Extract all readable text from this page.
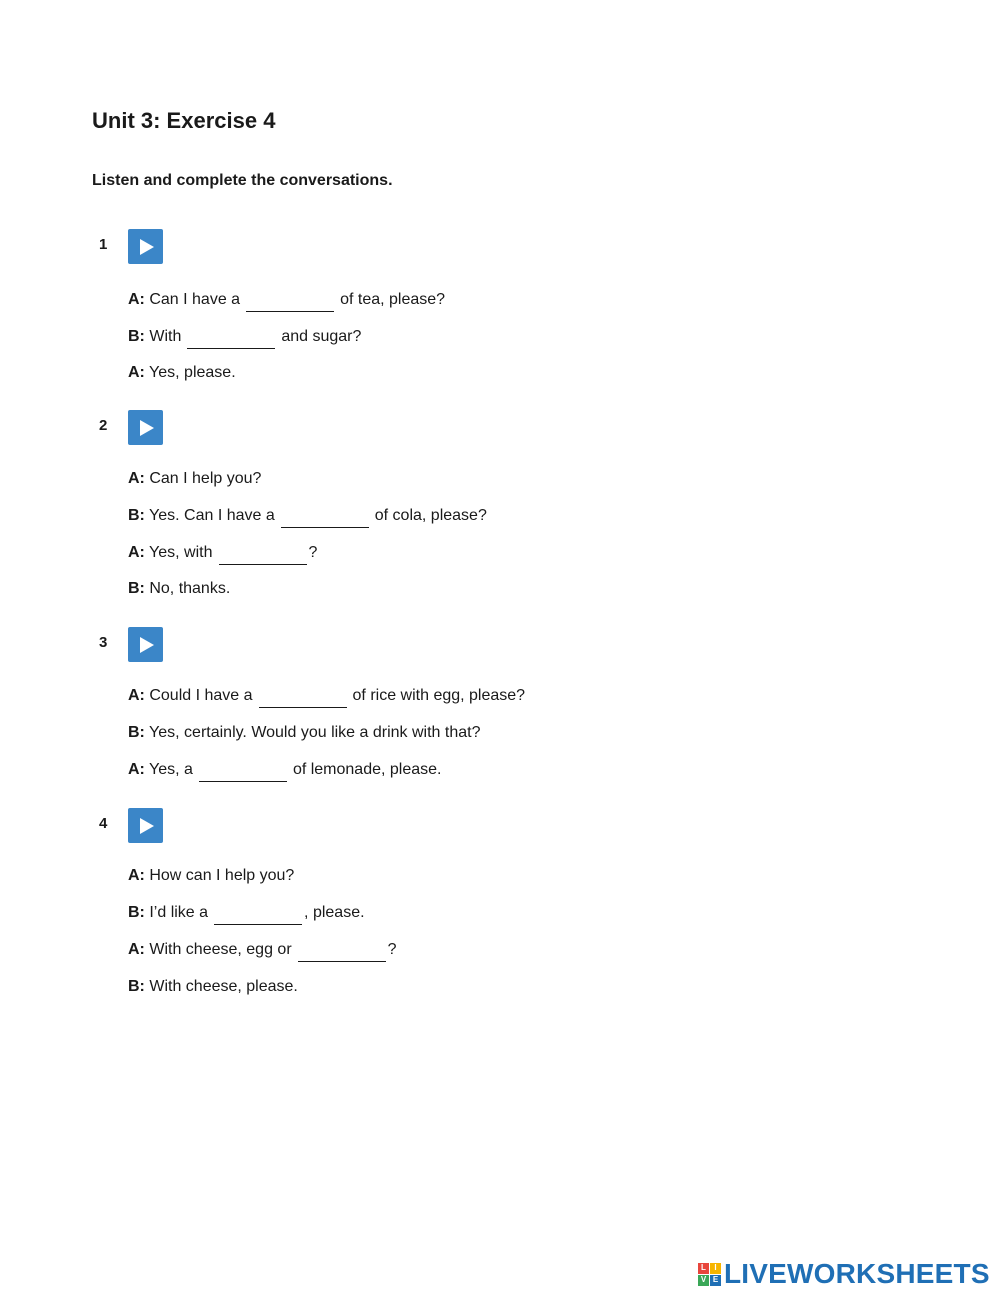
Unit 3: Exercise 4

Listen and complete the conversations.

1
A: Can I have a	of tea, please?
B: With	and sugar?
A: Yes, please.
2
A: Can I help you?
B: Yes. Can I have a	of cola, please?
A: Yes, with	?
B: No, thanks.
3
A: Could I have a	of rice with egg, please?
B: Yes, certainly. Would you like a drink with that?
A: Yes, a	of lemonade, please.
4
A: How can I help you?
B: I’d like a	, please.
A: With cheese, egg or	?
B: With cheese, please.
L	I
V E LIVEWORKSHEETS
